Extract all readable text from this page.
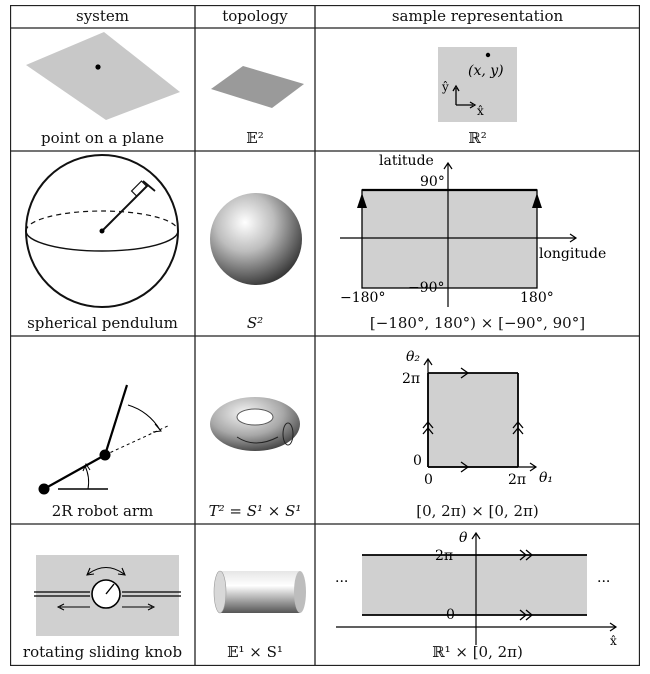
(x, y)
ŷ
x̂
latitude
longitude
90°
−90°
−180°	180°
θ₂
θ₁
2π
0
0	2π
θ
2π
0
x̂
...	...
system	topology	sample representation
point on a plane	𝔼²	ℝ²
spherical pendulum	S²	[−180°, 180°) × [−90°, 90°]
2R robot arm	T² = S¹ × S¹	[0, 2π) × [0, 2π)
rotating sliding knob	𝔼¹ × S¹	ℝ¹ × [0, 2π)
